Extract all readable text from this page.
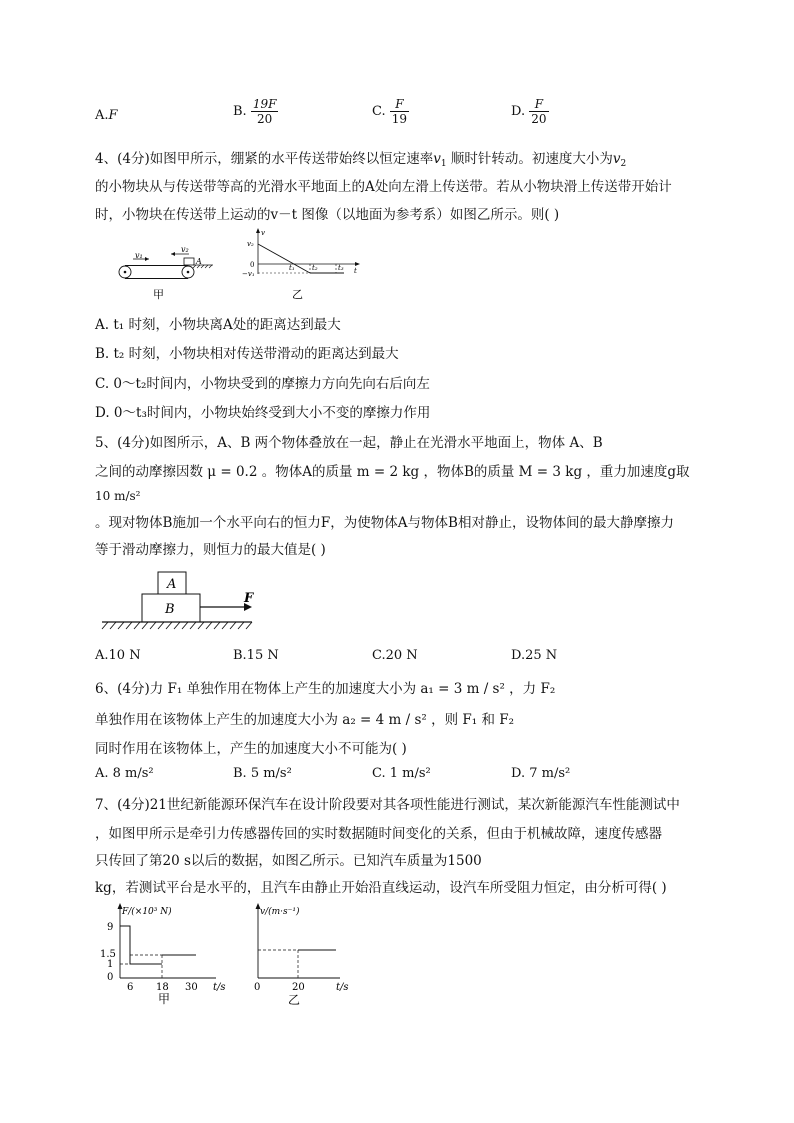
A.F	B. $\frac{19F}{20}$	C. $\frac{F}{19}$	D. $\frac{F}{20}$
4、(4分)如图甲所示，绷紧的水平传送带始终以恒定速率$v_1$ 顺时针转动。初速度大小为$v_2$
的小物块从与传送带等高的光滑水平地面上的A处向左滑上传送带。若从小物块滑上传送带开始计
时，小物块在传送带上运动的v－t 图像（以地面为参考系）如图乙所示。则( )
v₁
v₂
A
甲
v
t
0
v₂
−v₁
t₁ t₂	t₃
乙
A. t₁ 时刻，小物块离A处的距离达到最大
B. t₂ 时刻，小物块相对传送带滑动的距离达到最大
C. 0～t₂时间内，小物块受到的摩擦力方向先向右后向左
D. 0～t₃时间内，小物块始终受到大小不变的摩擦力作用
5、(4分)如图所示，A、B 两个物体叠放在一起，静止在光滑水平地面上，物体 A、B
之间的动摩擦因数 μ = 0.2 。物体A的质量 m = 2 kg ，物体B的质量 M = 3 kg ，重力加速度g取
10 m/s²
。现对物体B施加一个水平向右的恒力F，为使物体A与物体B相对静止，设物体间的最大静摩擦力
等于滑动摩擦力，则恒力的最大值是( )
A
B
F
A.10 N	B.15 N	C.20 N	D.25 N
6、(4分)力 F₁ 单独作用在物体上产生的加速度大小为 a₁ = 3 m / s² ，力 F₂
单独作用在该物体上产生的加速度大小为 a₂ = 4 m / s² ，则 F₁ 和 F₂
同时作用在该物体上，产生的加速度大小不可能为( )
A. 8 m/s²	B. 5 m/s²	C. 1 m/s²	D. 7 m/s²
7、(4分)21世纪新能源环保汽车在设计阶段要对其各项性能进行测试，某次新能源汽车性能测试中
，如图甲所示是牵引力传感器传回的实时数据随时间变化的关系，但由于机械故障，速度传感器
只传回了第20 s以后的数据，如图乙所示。已知汽车质量为1500
kg，若测试平台是水平的，且汽车由静止开始沿直线运动，设汽车所受阻力恒定，由分析可得( )
F/(×10³ N)
9
1.5
1
0
6 18 30 t/s
甲
v/(m·s⁻¹)
0	20	t/s
乙
